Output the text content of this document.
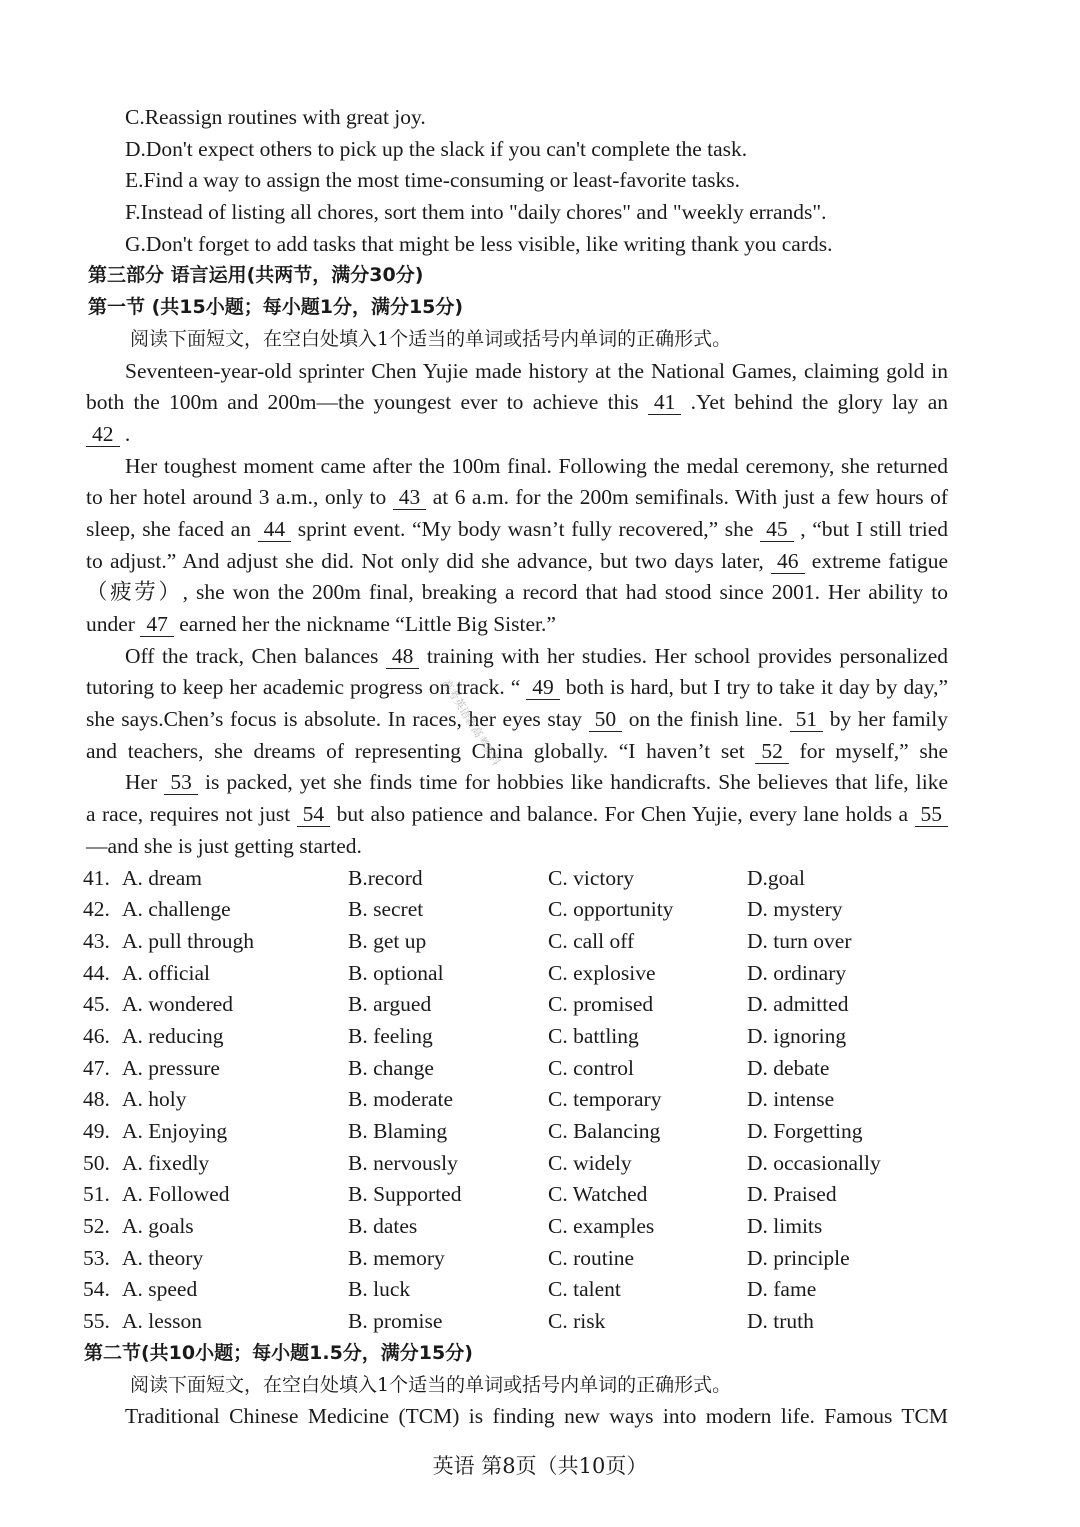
C.Reassign routines with great joy.
D.Don't expect others to pick up the slack if you can't complete the task.
E.Find a way to assign the most time-consuming or least-favorite tasks.
F.Instead of listing all chores, sort them into "daily chores" and "weekly errands".
G.Don't forget to add tasks that might be less visible, like writing thank you cards.
第三部分 语言运用(共两节，满分30分)
第一节 (共15小题；每小题1分，满分15分)
阅读下面短文，在空白处填入1个适当的单词或括号内单词的正确形式。
Seventeen-year-old sprinter Chen Yujie made history at the National Games, claiming gold in
both the 100m and 200m—the youngest ever to achieve this 41 .Yet behind the glory lay an
42 .
Her toughest moment came after the 100m final. Following the medal ceremony, she returned
to her hotel around 3 a.m., only to 43 at 6 a.m. for the 200m semifinals. With just a few hours of
sleep, she faced an 44 sprint event. “My body wasn’t fully recovered,” she 45 , “but I still tried
to adjust.” And adjust she did. Not only did she advance, but two days later, 46 extreme fatigue
（疲劳）, she won the 200m final, breaking a record that had stood since 2001. Her ability to
under 47 earned her the nickname “Little Big Sister.”
Off the track, Chen balances 48 training with her studies. Her school provides personalized
tutoring to keep her academic progress on track. “ 49 both is hard, but I try to take it day by day,”
she says.Chen’s focus is absolute. In races, her eyes stay 50 on the finish line. 51 by her family
and teachers, she dreams of representing China globally. “I haven’t set 52 for myself,” she
Her 53 is packed, yet she finds time for hobbies like handicrafts. She believes that life, like
a race, requires not just 54 but also patience and balance. For Chen Yujie, every lane holds a 55
—and she is just getting started.
41. A. dream	B.record	C. victory	D.goal
42. A. challenge	B. secret	C. opportunity	D. mystery
43. A. pull through	B. get up	C. call off	D. turn over
44. A. official	B. optional	C. explosive	D. ordinary
45. A. wondered	B. argued	C. promised	D. admitted
46. A. reducing	B. feeling	C. battling	D. ignoring
47. A. pressure	B. change	C. control	D. debate
48. A. holy	B. moderate	C. temporary	D. intense
49. A. Enjoying	B. Blaming	C. Balancing	D. Forgetting
50. A. fixedly	B. nervously	C. widely	D. occasionally
51. A. Followed	B. Supported	C. Watched	D. Praised
52. A. goals	B. dates	C. examples	D. limits
53. A. theory	B. memory	C. routine	D. principle
54. A. speed	B. luck	C. talent	D. fame
55. A. lesson	B. promise	C. risk	D. truth
第二节(共10小题；每小题1.5分，满分15分)
阅读下面短文，在空白处填入1个适当的单词或括号内单词的正确形式。
Traditional Chinese Medicine (TCM) is finding new ways into modern life. Famous TCM
英语 第8页（共10页）
高考英语新高考资料
